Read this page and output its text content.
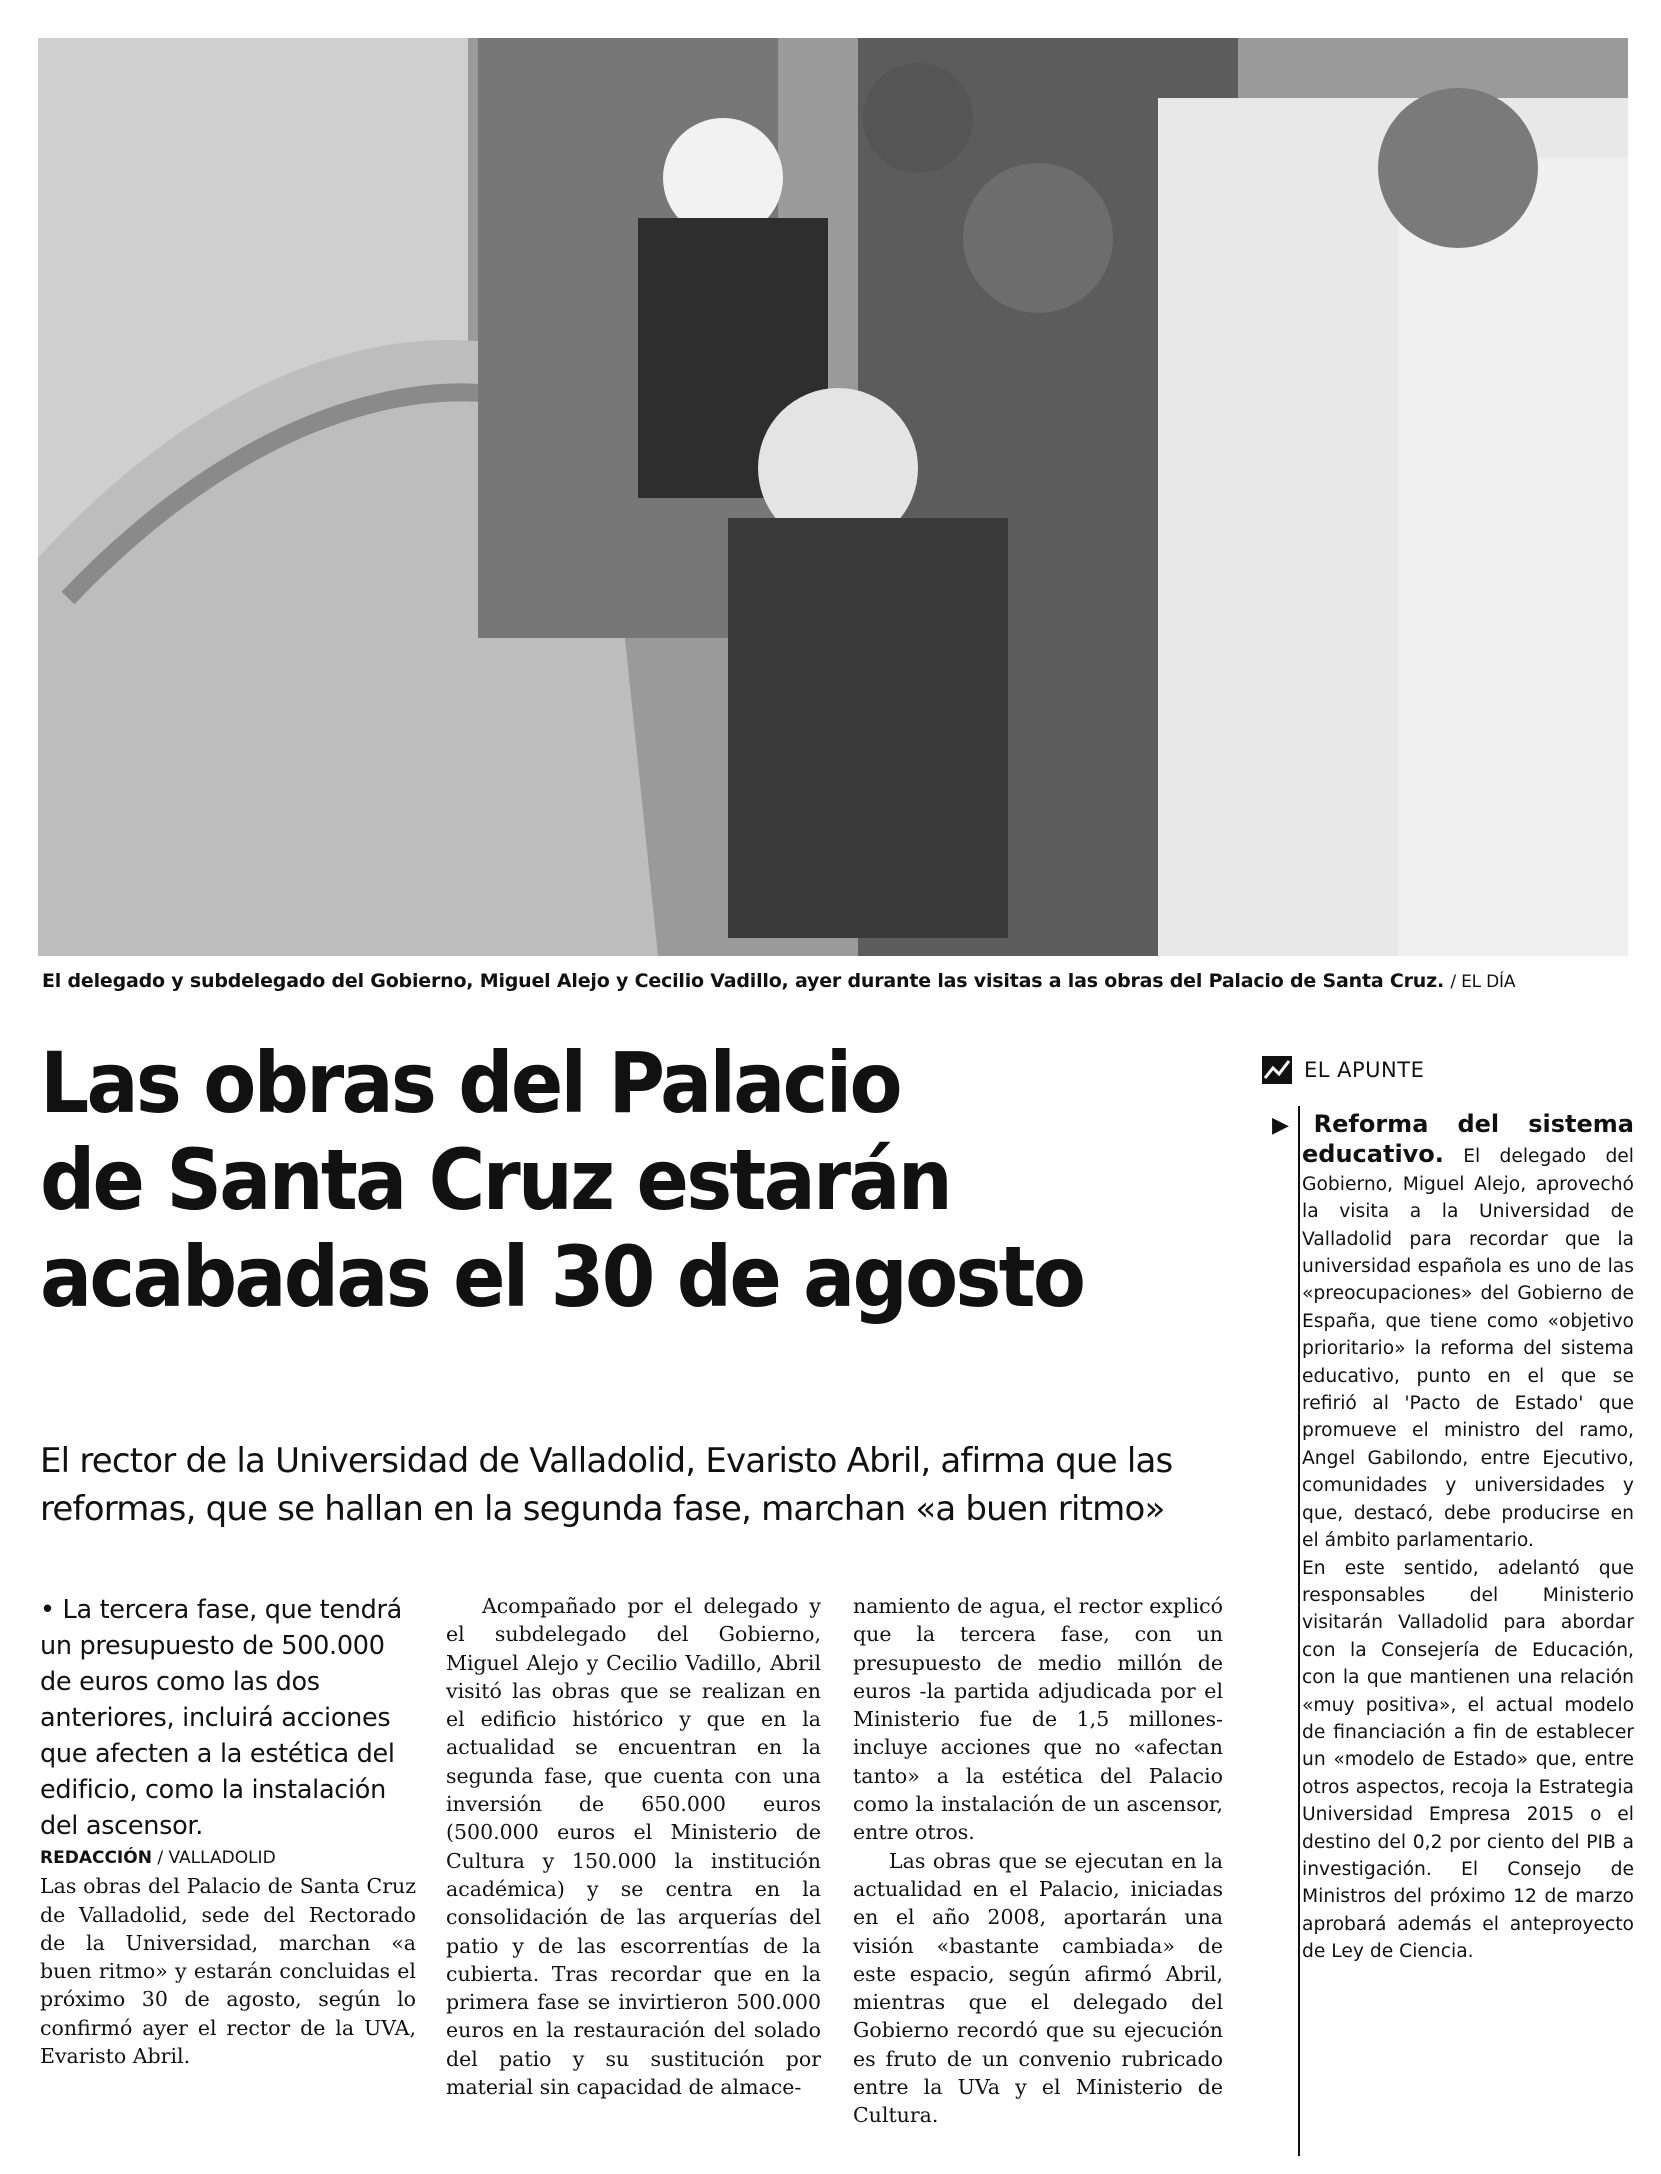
El delegado y subdelegado del Gobierno, Miguel Alejo y Cecilio Vadillo, ayer durante las visitas a las obras del Palacio de Santa Cruz. / EL DÍA
Las obras del Palacio
de Santa Cruz estarán
acabadas el 30 de agosto
El rector de la Universidad de Valladolid, Evaristo Abril, afirma que las
reformas, que se hallan en la segunda fase, marchan «a buen ritmo»

• La tercera fase, que tendrá un presupuesto de 500.000 de euros como las dos anteriores, incluirá acciones que afecten a la estética del edificio, como la instalación del ascensor.

REDACCIÓN / VALLADOLID

Las obras del Palacio de Santa Cruz de Valladolid, sede del Rectorado de la Universidad, marchan «a buen ritmo» y estarán concluidas el próximo 30 de agosto, según lo confirmó ayer el rector de la UVA, Evaristo Abril.

Acompañado por el delegado y el subdelegado del Gobierno, Miguel Alejo y Cecilio Vadillo, Abril visitó las obras que se realizan en el edificio histórico y que en la actualidad se encuentran en la segunda fase, que cuenta con una inversión de 650.000 euros (500.000 euros el Ministerio de Cultura y 150.000 la institución académica) y se centra en la consolidación de las arquerías del patio y de las escorrentías de la cubierta. Tras recordar que en la primera fase se invirtieron 500.000 euros en la restauración del solado del patio y su sustitución por material sin capacidad de almace-

namiento de agua, el rector explicó que la tercera fase, con un presupuesto de medio millón de euros -la partida adjudicada por el Ministerio fue de 1,5 millones- incluye acciones que no «afectan tanto» a la estética del Palacio como la instalación de un ascensor, entre otros.

Las obras que se ejecutan en la actualidad en el Palacio, iniciadas en el año 2008, aportarán una visión «bastante cambiada» de este espacio, según afirmó Abril, mientras que el delegado del Gobierno recordó que su ejecución es fruto de un convenio rubricado entre la UVa y el Ministerio de Cultura.

EL APUNTE
▶ Reforma del sistema educativo. El delegado del Gobierno, Miguel Alejo, aprovechó la visita a la Universidad de Valladolid para recordar que la universidad española es uno de las «preocupaciones» del Gobierno de España, que tiene como «objetivo prioritario» la reforma del sistema educativo, punto en el que se refirió al 'Pacto de Estado' que promueve el ministro del ramo, Angel Gabilondo, entre Ejecutivo, comunidades y universidades y que, destacó, debe producirse en el ámbito parlamentario.
En este sentido, adelantó que responsables del Ministerio visitarán Valladolid para abordar con la Consejería de Educación, con la que mantienen una relación «muy positiva», el actual modelo de financiación a fin de establecer un «modelo de Estado» que, entre otros aspectos, recoja la Estrategia Universidad Empresa 2015 o el destino del 0,2 por ciento del PIB a investigación. El Consejo de Ministros del próximo 12 de marzo aprobará además el anteproyecto de Ley de Ciencia.
